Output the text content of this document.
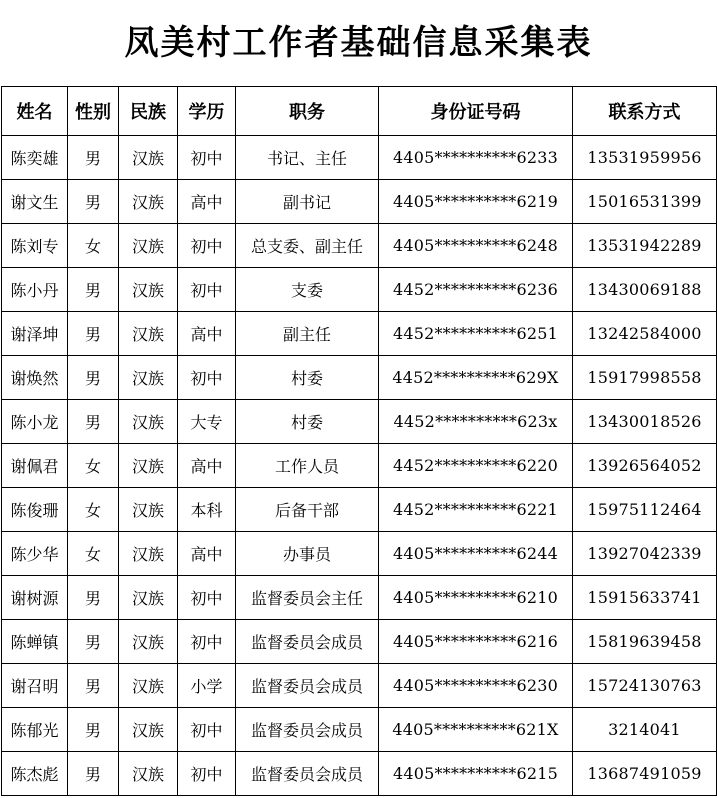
凤美村工作者基础信息采集表
姓名	性别	民族	学历	职务	身份证号码	联系方式
陈奕雄	男	汉族	初中	书记、主任	4405**********6233	13531959956
谢文生	男	汉族	高中	副书记	4405**********6219	15016531399
陈刘专	女	汉族	初中	总支委、副主任	4405**********6248	13531942289
陈小丹	男	汉族	初中	支委	4452**********6236	13430069188
谢泽坤	男	汉族	高中	副主任	4452**********6251	13242584000
谢焕然	男	汉族	初中	村委	4452**********629X	15917998558
陈小龙	男	汉族	大专	村委	4452**********623x	13430018526
谢佩君	女	汉族	高中	工作人员	4452**********6220	13926564052
陈俊珊	女	汉族	本科	后备干部	4452**********6221	15975112464
陈少华	女	汉族	高中	办事员	4405**********6244	13927042339
谢树源	男	汉族	初中	监督委员会主任	4405**********6210	15915633741
陈蝉镇	男	汉族	初中	监督委员会成员	4405**********6216	15819639458
谢召明	男	汉族	小学	监督委员会成员	4405**********6230	15724130763
陈郁光	男	汉族	初中	监督委员会成员	4405**********621X	3214041
陈杰彪	男	汉族	初中	监督委员会成员	4405**********6215	13687491059
